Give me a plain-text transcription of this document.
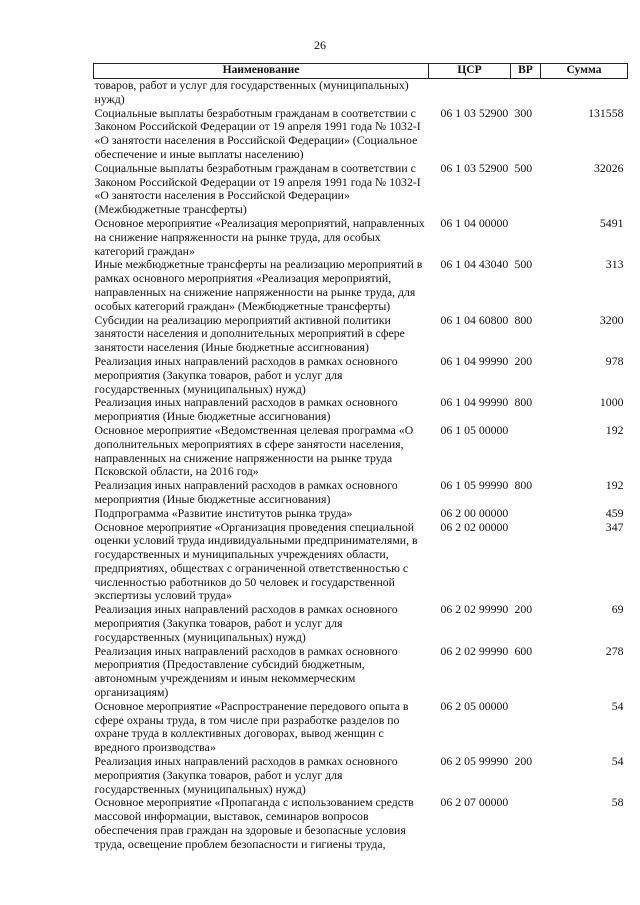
26
Наименование	ЦСР	ВР	Сумма
товаров, работ и услуг для государственных (муниципальных) нужд)			
Социальные выплаты безработным гражданам в соответствии с Законом Российской Федерации от 19 апреля 1991 года № 1032-I «О занятости населения в Российской Федерации» (Социальное обеспечение и иные выплаты населению)	06 1 03 52900	300	131558
Социальные выплаты безработным гражданам в соответствии с Законом Российской Федерации от 19 апреля 1991 года № 1032-I «О занятости населения в Российской Федерации» (Межбюджетные трансферты)	06 1 03 52900	500	32026
Основное мероприятие «Реализация мероприятий, направленных на снижение напряженности на рынке труда, для особых категорий граждан»	06 1 04 00000		5491
Иные межбюджетные трансферты на реализацию мероприятий в рамках основного мероприятия «Реализация мероприятий, направленных на снижение напряженности на рынке труда, для особых категорий граждан» (Межбюджетные трансферты)	06 1 04 43040	500	313
Субсидии на реализацию мероприятий активной политики занятости населения и дополнительных мероприятий в сфере занятости населения (Иные бюджетные ассигнования)	06 1 04 60800	800	3200
Реализация иных направлений расходов в рамках основного мероприятия (Закупка товаров, работ и услуг для государственных (муниципальных) нужд)	06 1 04 99990	200	978
Реализация иных направлений расходов в рамках основного мероприятия (Иные бюджетные ассигнования)	06 1 04 99990	800	1000
Основное мероприятие «Ведомственная целевая программа «О дополнительных мероприятиях в сфере занятости населения, направленных на снижение напряженности на рынке труда Псковской области, на 2016 год»	06 1 05 00000		192
Реализация иных направлений расходов в рамках основного мероприятия (Иные бюджетные ассигнования)	06 1 05 99990	800	192
Подпрограмма «Развитие институтов рынка труда»	06 2 00 00000		459
Основное мероприятие «Организация проведения специальной оценки условий труда индивидуальными предпринимателями, в государственных и муниципальных учреждениях области, предприятиях, обществах с ограниченной ответственностью с численностью работников до 50 человек и государственной экспертизы условий труда»	06 2 02 00000		347
Реализация иных направлений расходов в рамках основного мероприятия (Закупка товаров, работ и услуг для государственных (муниципальных) нужд)	06 2 02 99990	200	69
Реализация иных направлений расходов в рамках основного мероприятия (Предоставление субсидий бюджетным, автономным учреждениям и иным некоммерческим организациям)	06 2 02 99990	600	278
Основное мероприятие «Распространение передового опыта в сфере охраны труда, в том числе при разработке разделов по охране труда в коллективных договорах, вывод женщин с вредного производства»	06 2 05 00000		54
Реализация иных направлений расходов в рамках основного мероприятия (Закупка товаров, работ и услуг для государственных (муниципальных) нужд)	06 2 05 99990	200	54
Основное мероприятие «Пропаганда с использованием средств массовой информации, выставок, семинаров вопросов обеспечения прав граждан на здоровые и безопасные условия труда, освещение проблем безопасности и гигиены труда,	06 2 07 00000		58
